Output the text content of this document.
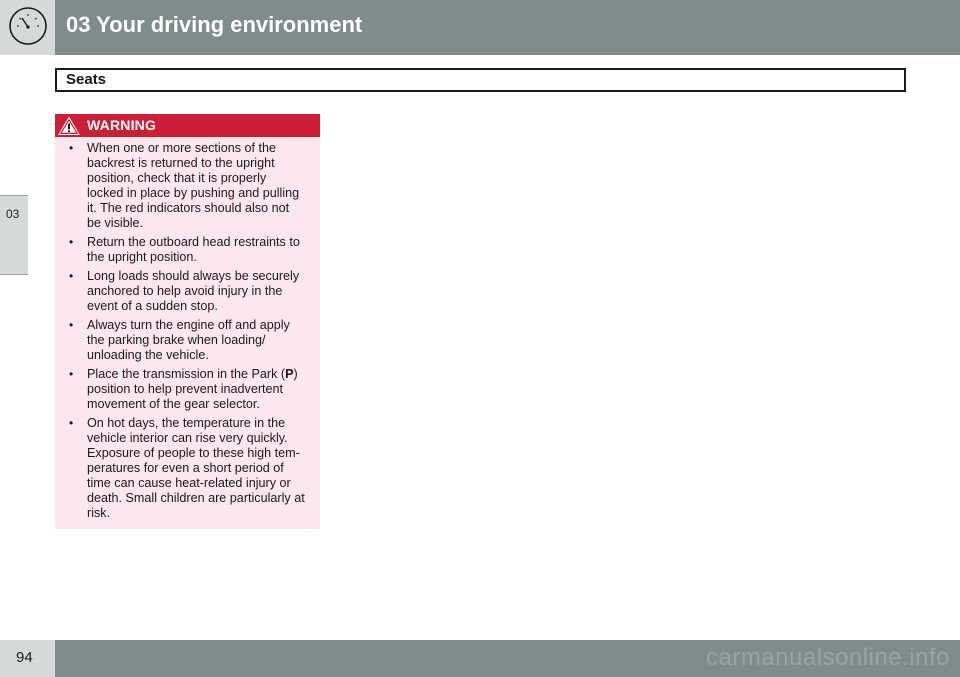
03 Your driving environment
03
Seats
WARNING
• When one or more sections of the
backrest is returned to the upright
position, check that it is properly
locked in place by pushing and pulling
it. The red indicators should also not
be visible.
• Return the outboard head restraints to
the upright position.
• Long loads should always be securely
anchored to help avoid injury in the
event of a sudden stop.
• Always turn the engine off and apply
the parking brake when loading/
unloading the vehicle.
• Place the transmission in the Park (P)
position to help prevent inadvertent
movement of the gear selector.
• On hot days, the temperature in the
vehicle interior can rise very quickly.
Exposure of people to these high tem-
peratures for even a short period of
time can cause heat-related injury or
death. Small children are particularly at
risk.
94	carmanualsonline.info
